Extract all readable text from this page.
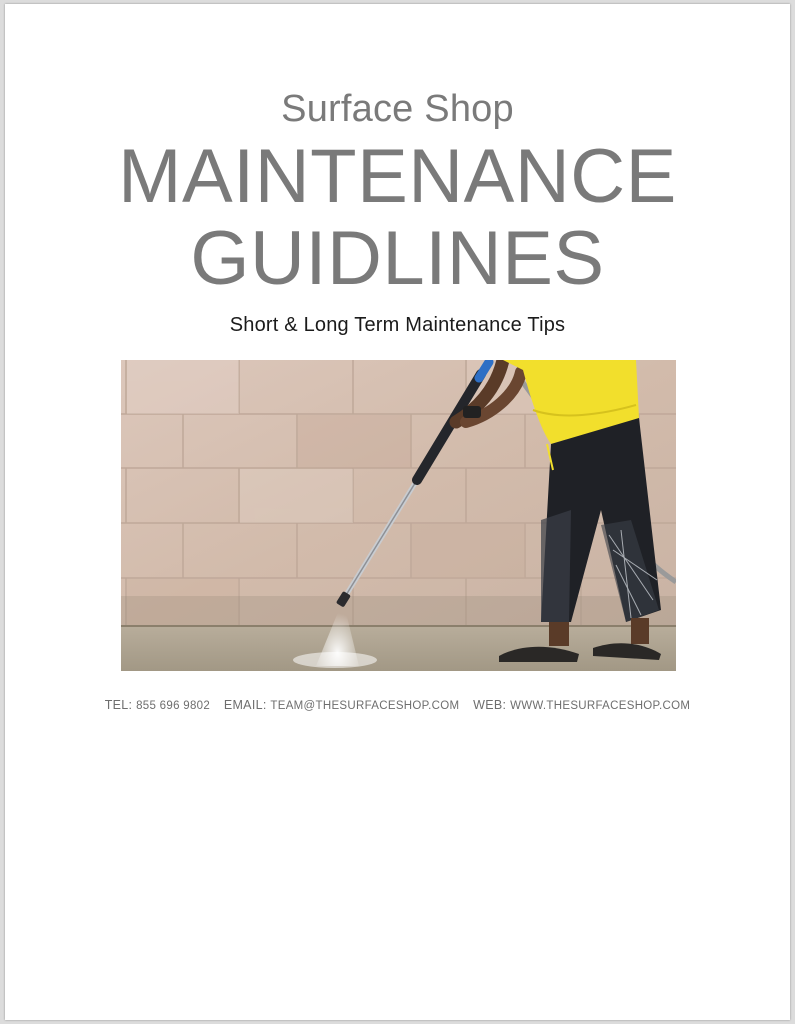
Surface Shop
MAINTENANCE
GUIDLINES
Short & Long Term Maintenance Tips
TEL: 855 696 9802 EMAIL: TEAM@THESURFACESHOP.COM WEB: WWW.THESURFACESHOP.COM
